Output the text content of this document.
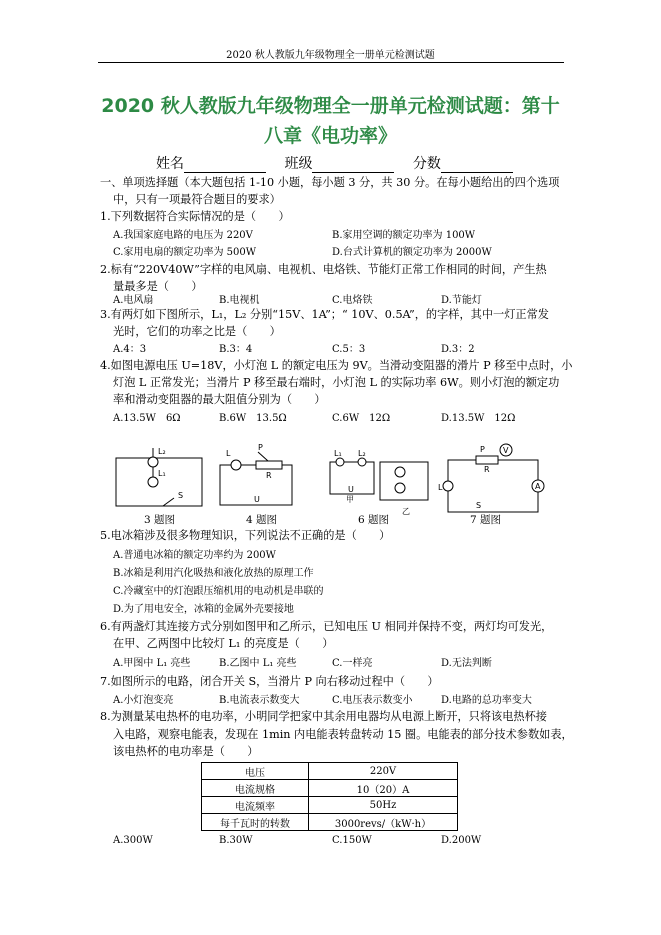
2020 秋人教版九年级物理全一册单元检测试题
2020 秋人教版九年级物理全一册单元检测试题：第十
八章《电功率》
姓名	班级	分数
一、单项选择题（本大题包括 1-10 小题，每小题 3 分，共 30 分。在每小题给出的四个选项
中，只有一项最符合题目的要求）
1.下列数据符合实际情况的是（　　）
A.我国家庭电路的电压为 220V	B.家用空调的额定功率为 100W
C.家用电扇的额定功率为 500W	D.台式计算机的额定功率为 2000W
2.标有“220V40W”字样的电风扇、电视机、电烙铁、节能灯正常工作相同的时间，产生热
量最多是（　　）
A.电风扇	B.电视机	C.电烙铁	D.节能灯
3.有两灯如下图所示，L₁，L₂ 分别“15V、1A”；“ 10V、0.5A”，的字样，其中一灯正常发
光时，它们的功率之比是（　　）
A.4：3	B.3：4	C.5：3	D.3：2
4.如图电源电压 U=18V，小灯泡 L 的额定电压为 9V。当滑动变阻器的滑片 P 移至中点时，小
灯泡 L 正常发光；当滑片 P 移至最右端时，小灯泡 L 的实际功率 6W。则小灯泡的额定功
率和滑动变阻器的最大阻值分别为（　　）
A.13.5W　6Ω	B.6W　13.5Ω	C.6W　12Ω	D.13.5W　12Ω
5.电冰箱涉及很多物理知识，下列说法不正确的是（　　）
A.普通电冰箱的额定功率约为 200W
B.冰箱是利用汽化吸热和液化放热的原理工作
C.冷藏室中的灯泡跟压缩机用的电动机是串联的
D.为了用电安全，冰箱的金属外壳要接地
6.有两盏灯其连接方式分别如图甲和乙所示，已知电压 U 相同并保持不变，两灯均可发光，
在甲、乙两图中比较灯 L₁ 的亮度是（　　）
A.甲图中 L₁ 亮些	B.乙图中 L₁ 亮些	C.一样亮	D.无法判断
7.如图所示的电路，闭合开关 S，当滑片 P 向右移动过程中（　　）
A.小灯泡变亮	B.电流表示数变大	C.电压表示数变小	D.电路的总功率变大
8.为测量某电热杯的电功率，小明同学把家中其余用电器均从电源上断开，只将该电热杯接
入电路，观察电能表，发现在 1min 内电能表转盘转动 15 圈。电能表的部分技术参数如表，
该电热杯的电功率是（　　）
A.300W	B.30W	C.150W	D.200W
L₂
L₁
S
L
P
R
U
L₁ L₂
U
甲
乙
P
R
V
A
L
S
3 题图	4 题图	6 题图	7 题图
电压	220V
电流规格	10（20）A
电流频率	50Hz
每千瓦时的转数	3000revs/（kW·h）
